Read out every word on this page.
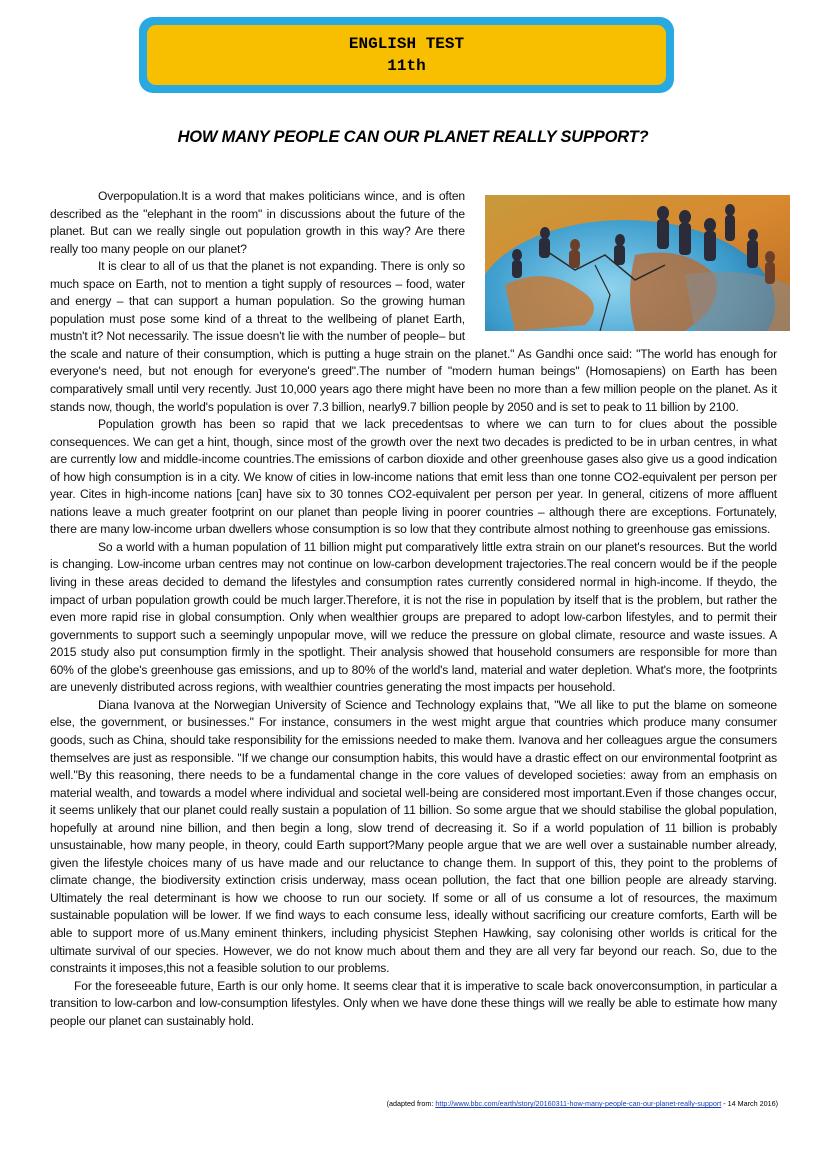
ENGLISH TEST
11th
HOW MANY PEOPLE CAN OUR PLANET REALLY SUPPORT?

Overpopulation.It is a word that makes politicians wince, and is often described as the "elephant in the room" in discussions about the future of the planet. But can we really single out population growth in this way? Are there really too many people on our planet?

It is clear to all of us that the planet is not expanding. There is only so much space on Earth, not to mention a tight supply of resources – food, water and energy – that can support a human population. So the growing human population must pose some kind of a threat to the wellbeing of planet Earth, mustn't it? Not necessarily. The issue doesn't lie with the number of people– but the scale and nature of their consumption, which is putting a huge strain on the planet." As Gandhi once said: "The world has enough for everyone's need, but not enough for everyone's greed".The number of "modern human beings" (Homosapiens) on Earth has been comparatively small until very recently. Just 10,000 years ago there might have been no more than a few million people on the planet. As it stands now, though, the world's population is over 7.3 billion, nearly9.7 billion people by 2050 and is set to peak to 11 billion by 2100.

Population growth has been so rapid that we lack precedentsas to where we can turn to for clues about the possible consequences. We can get a hint, though, since most of the growth over the next two decades is predicted to be in urban centres, in what are currently low and middle-income countries.The emissions of carbon dioxide and other greenhouse gases also give us a good indication of how high consumption is in a city. We know of cities in low-income nations that emit less than one tonne CO2-equivalent per person per year. Cites in high-income nations [can] have six to 30 tonnes CO2-equivalent per person per year. In general, citizens of more affluent nations leave a much greater footprint on our planet than people living in poorer countries – although there are exceptions. Fortunately, there are many low-income urban dwellers whose consumption is so low that they contribute almost nothing to greenhouse gas emissions.

So a world with a human population of 11 billion might put comparatively little extra strain on our planet's resources. But the world is changing. Low-income urban centres may not continue on low-carbon development trajectories.The real concern would be if the people living in these areas decided to demand the lifestyles and consumption rates currently considered normal in high-income. If theydo, the impact of urban population growth could be much larger.Therefore, it is not the rise in population by itself that is the problem, but rather the even more rapid rise in global consumption. Only when wealthier groups are prepared to adopt low-carbon lifestyles, and to permit their governments to support such a seemingly unpopular move, will we reduce the pressure on global climate, resource and waste issues. A 2015 study also put consumption firmly in the spotlight. Their analysis showed that household consumers are responsible for more than 60% of the globe's greenhouse gas emissions, and up to 80% of the world's land, material and water depletion. What's more, the footprints are unevenly distributed across regions, with wealthier countries generating the most impacts per household.

Diana Ivanova at the Norwegian University of Science and Technology explains that, "We all like to put the blame on someone else, the government, or businesses." For instance, consumers in the west might argue that countries which produce many consumer goods, such as China, should take responsibility for the emissions needed to make them. Ivanova and her colleagues argue the consumers themselves are just as responsible. "If we change our consumption habits, this would have a drastic effect on our environmental footprint as well."By this reasoning, there needs to be a fundamental change in the core values of developed societies: away from an emphasis on material wealth, and towards a model where individual and societal well-being are considered most important.Even if those changes occur, it seems unlikely that our planet could really sustain a population of 11 billion. So some argue that we should stabilise the global population, hopefully at around nine billion, and then begin a long, slow trend of decreasing it. So if a world population of 11 billion is probably unsustainable, how many people, in theory, could Earth support?Many people argue that we are well over a sustainable number already, given the lifestyle choices many of us have made and our reluctance to change them. In support of this, they point to the problems of climate change, the biodiversity extinction crisis underway, mass ocean pollution, the fact that one billion people are already starving. Ultimately the real determinant is how we choose to run our society. If some or all of us consume a lot of resources, the maximum sustainable population will be lower. If we find ways to each consume less, ideally without sacrificing our creature comforts, Earth will be able to support more of us.Many eminent thinkers, including physicist Stephen Hawking, say colonising other worlds is critical for the ultimate survival of our species. However, we do not know much about them and they are all very far beyond our reach. So, due to the constraints it imposes,this not a feasible solution to our problems.

For the foreseeable future, Earth is our only home. It seems clear that it is imperative to scale back onoverconsumption, in particular a transition to low-carbon and low-consumption lifestyles. Only when we have done these things will we really be able to estimate how many people our planet can sustainably hold.

(adapted from: http://www.bbc.com/earth/story/20160311-how-many-people-can-our-planet-really-support - 14 March 2016)
